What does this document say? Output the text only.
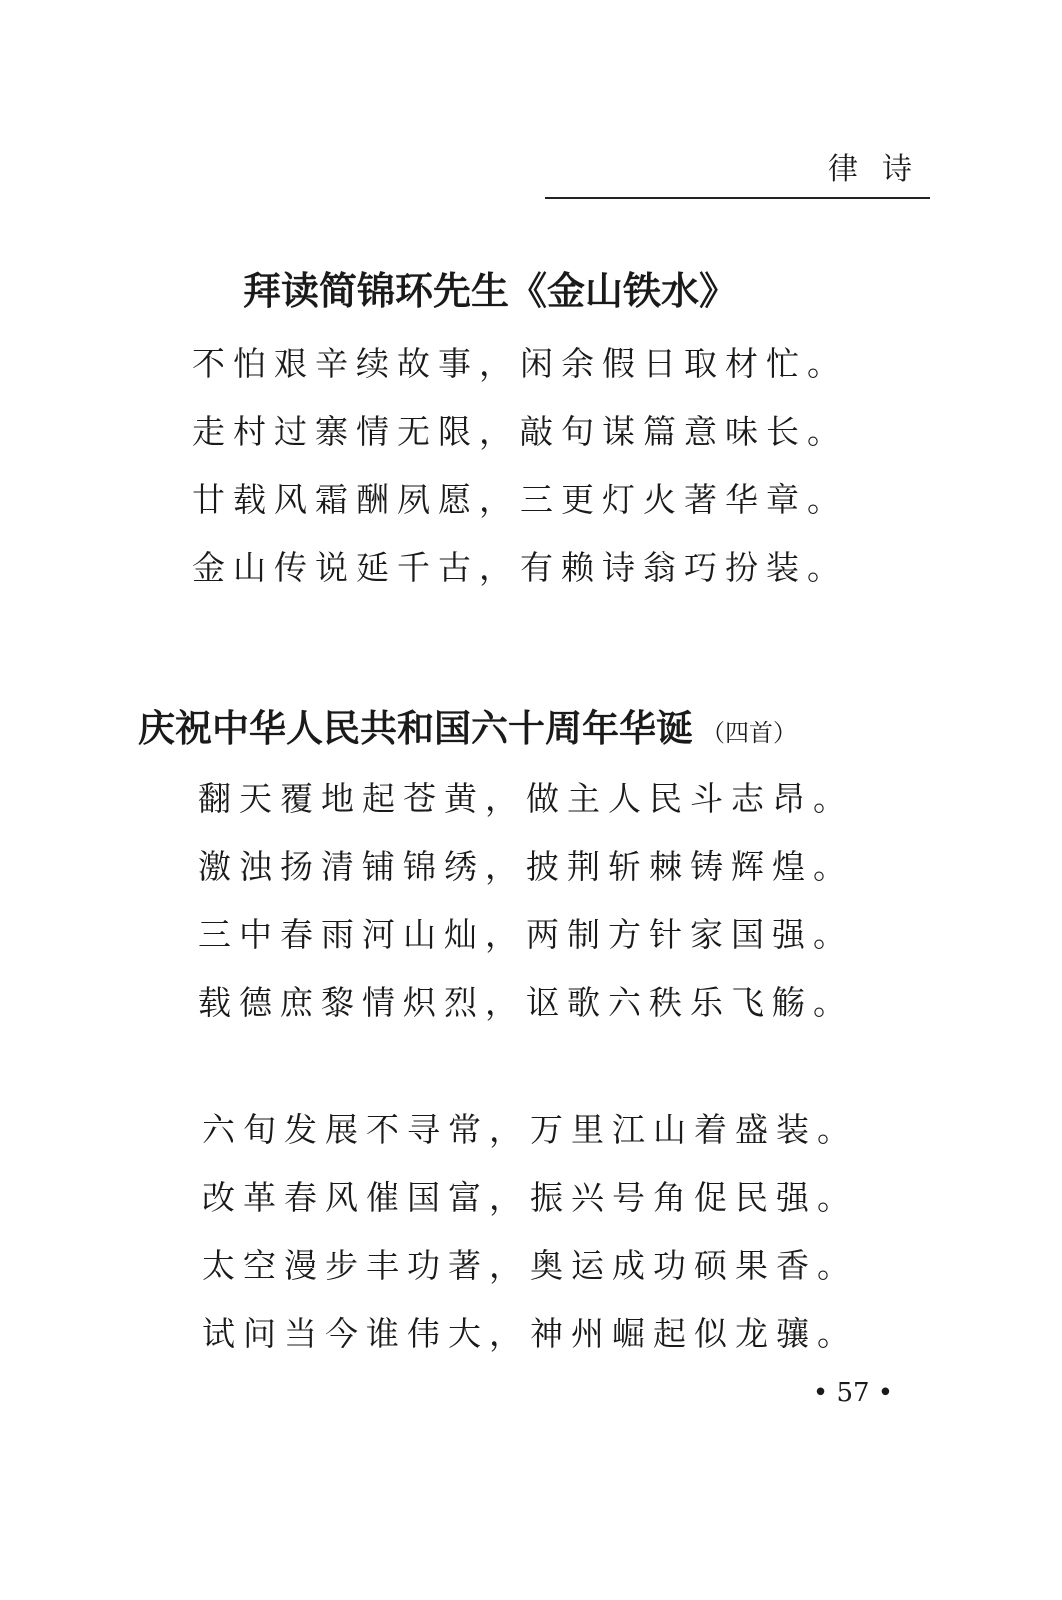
律诗
拜读简锦环先生《金山铁水》
不怕艰辛续故事，闲余假日取材忙。
走村过寨情无限，敲句谋篇意味长。
廿载风霜酬夙愿，三更灯火著华章。
金山传说延千古，有赖诗翁巧扮装。
庆祝中华人民共和国六十周年华诞 （四首）
翻天覆地起苍黄，做主人民斗志昂。
激浊扬清铺锦绣，披荆斩棘铸辉煌。
三中春雨河山灿，两制方针家国强。
载德庶黎情炽烈，讴歌六秩乐飞觞。
六旬发展不寻常，万里江山着盛装。
改革春风催国富，振兴号角促民强。
太空漫步丰功著，奥运成功硕果香。
试问当今谁伟大，神州崛起似龙骧。
• 57 •
